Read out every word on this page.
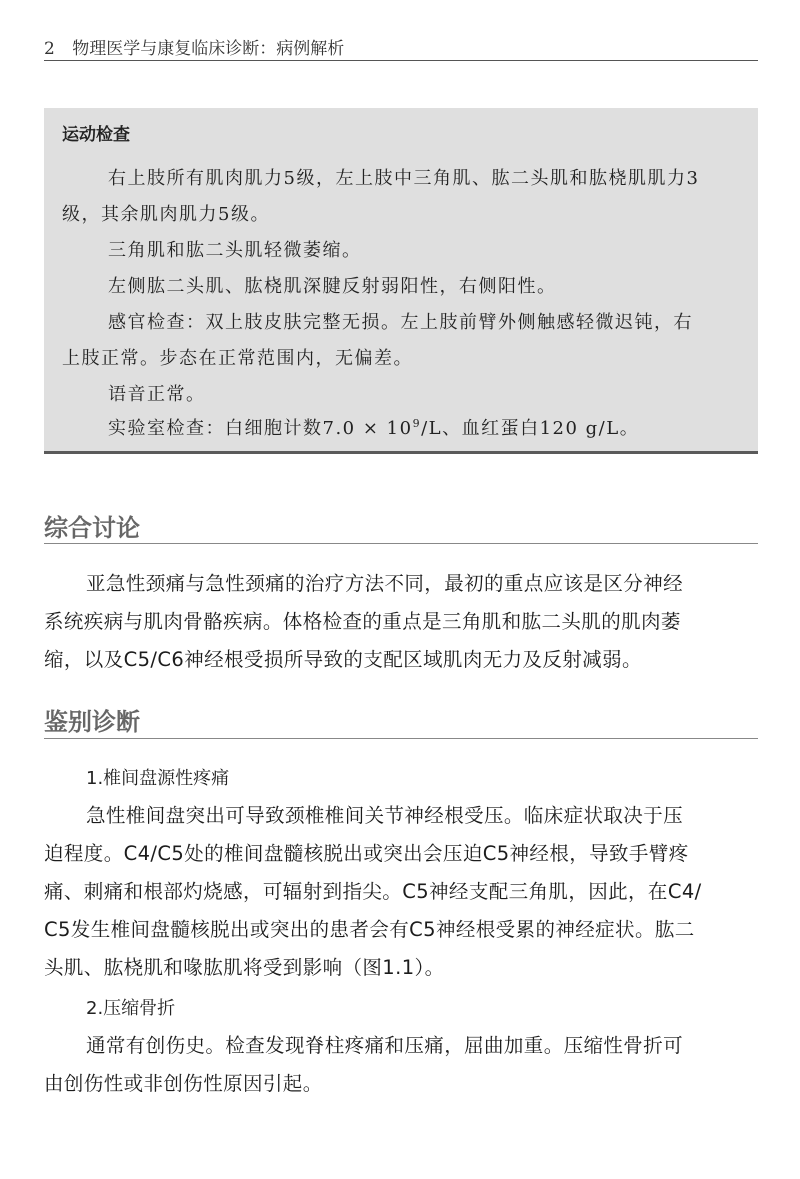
2 物理医学与康复临床诊断：病例解析
运动检查
右上肢所有肌肉肌力5级，左上肢中三角肌、肱二头肌和肱桡肌肌力3
级，其余肌肉肌力5级。
三角肌和肱二头肌轻微萎缩。
左侧肱二头肌、肱桡肌深腱反射弱阳性，右侧阳性。
感官检查：双上肢皮肤完整无损。左上肢前臂外侧触感轻微迟钝，右
上肢正常。步态在正常范围内，无偏差。
语音正常。
实验室检查：白细胞计数$7.0 \times 10^9/L$、血红蛋白120 g/L。
综合讨论
亚急性颈痛与急性颈痛的治疗方法不同，最初的重点应该是区分神经
系统疾病与肌肉骨骼疾病。体格检查的重点是三角肌和肱二头肌的肌肉萎
缩，以及C5/C6神经根受损所导致的支配区域肌肉无力及反射减弱。
鉴别诊断
1.椎间盘源性疼痛
急性椎间盘突出可导致颈椎椎间关节神经根受压。临床症状取决于压
迫程度。C4/C5处的椎间盘髓核脱出或突出会压迫C5神经根，导致手臂疼
痛、刺痛和根部灼烧感，可辐射到指尖。C5神经支配三角肌，因此，在C4/
C5发生椎间盘髓核脱出或突出的患者会有C5神经根受累的神经症状。肱二
头肌、肱桡肌和喙肱肌将受到影响（图1.1）。
2.压缩骨折
通常有创伤史。检查发现脊柱疼痛和压痛，屈曲加重。压缩性骨折可
由创伤性或非创伤性原因引起。
